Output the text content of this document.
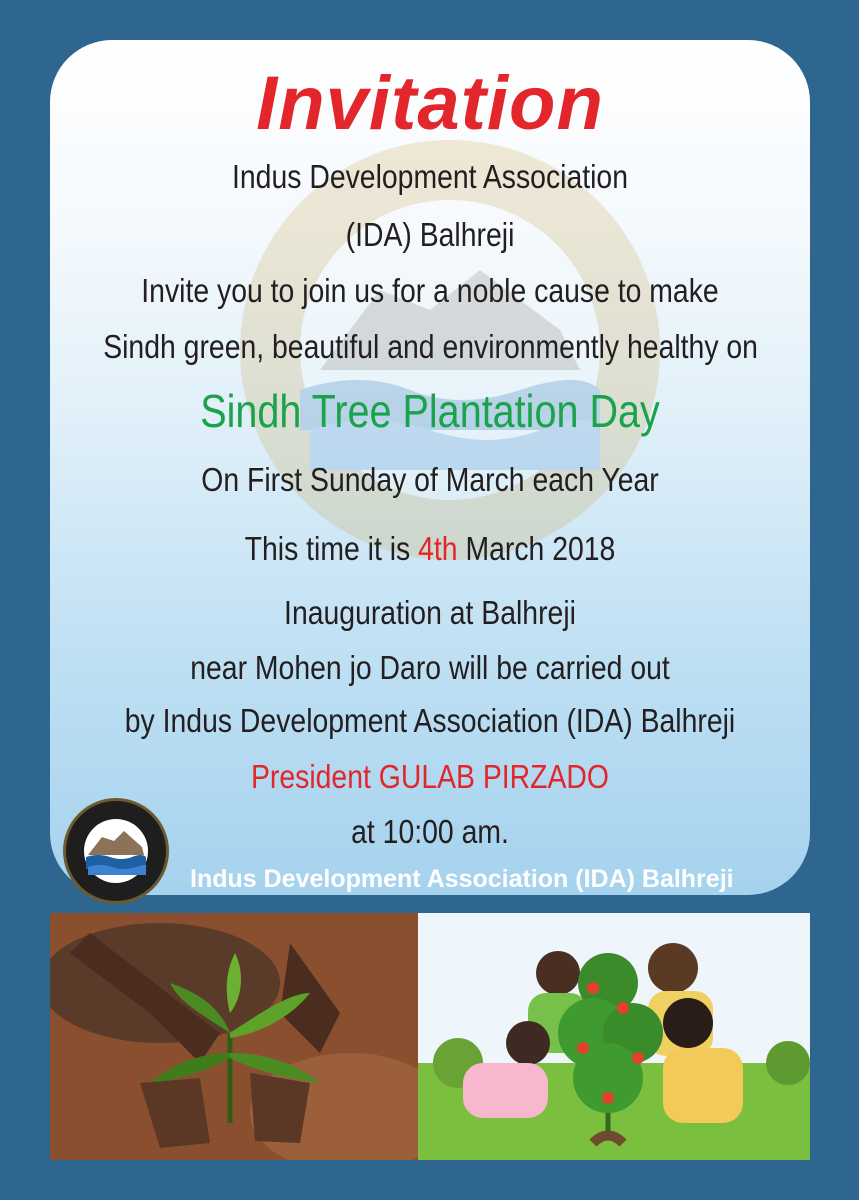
Invitation
Indus Development Association
(IDA) Balhreji
Invite you to join us for a noble cause to make
Sindh green, beautiful and environmently healthy on
Sindh Tree Plantation Day
On First Sunday of March each Year
This time it is 4th March 2018
Inauguration at Balhreji
near Mohen jo Daro will be carried out
by Indus Development Association (IDA) Balhreji
President GULAB PIRZADO
at 10:00 am.
Indus Development Association (IDA) Balhreji
